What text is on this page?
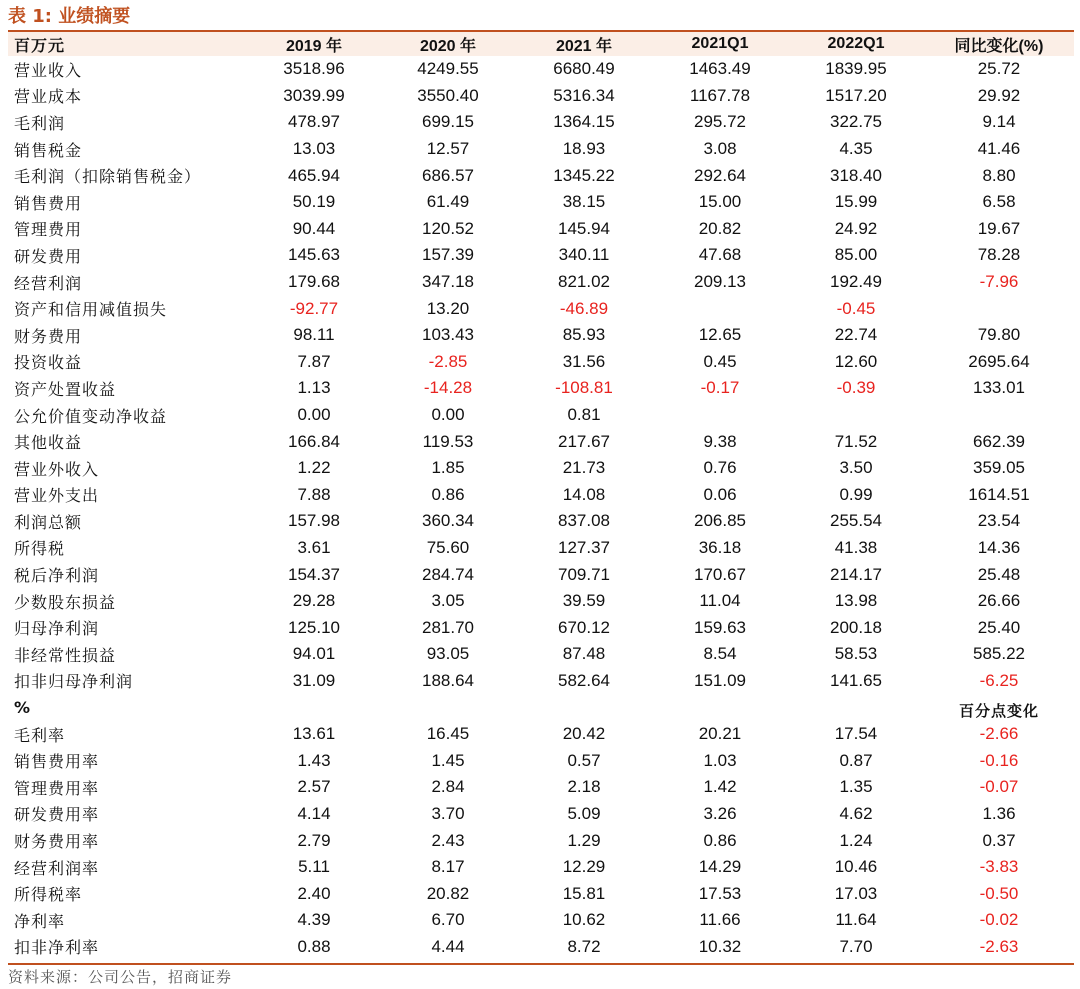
表 1: 业绩摘要
百万元	2019 年	2020 年	2021 年	2021Q1	2022Q1	同比变化(%)
营业收入	3518.96	4249.55	6680.49	1463.49	1839.95	25.72
营业成本	3039.99	3550.40	5316.34	1167.78	1517.20	29.92
毛利润	478.97	699.15	1364.15	295.72	322.75	9.14
销售税金	13.03	12.57	18.93	3.08	4.35	41.46
毛利润（扣除销售税金）	465.94	686.57	1345.22	292.64	318.40	8.80
销售费用	50.19	61.49	38.15	15.00	15.99	6.58
管理费用	90.44	120.52	145.94	20.82	24.92	19.67
研发费用	145.63	157.39	340.11	47.68	85.00	78.28
经营利润	179.68	347.18	821.02	209.13	192.49	-7.96
资产和信用减值损失	-92.77	13.20	-46.89		-0.45	
财务费用	98.11	103.43	85.93	12.65	22.74	79.80
投资收益	7.87	-2.85	31.56	0.45	12.60	2695.64
资产处置收益	1.13	-14.28	-108.81	-0.17	-0.39	133.01
公允价值变动净收益	0.00	0.00	0.81			
其他收益	166.84	119.53	217.67	9.38	71.52	662.39
营业外收入	1.22	1.85	21.73	0.76	3.50	359.05
营业外支出	7.88	0.86	14.08	0.06	0.99	1614.51
利润总额	157.98	360.34	837.08	206.85	255.54	23.54
所得税	3.61	75.60	127.37	36.18	41.38	14.36
税后净利润	154.37	284.74	709.71	170.67	214.17	25.48
少数股东损益	29.28	3.05	39.59	11.04	13.98	26.66
归母净利润	125.10	281.70	670.12	159.63	200.18	25.40
非经常性损益	94.01	93.05	87.48	8.54	58.53	585.22
扣非归母净利润	31.09	188.64	582.64	151.09	141.65	-6.25
%						百分点变化
毛利率	13.61	16.45	20.42	20.21	17.54	-2.66
销售费用率	1.43	1.45	0.57	1.03	0.87	-0.16
管理费用率	2.57	2.84	2.18	1.42	1.35	-0.07
研发费用率	4.14	3.70	5.09	3.26	4.62	1.36
财务费用率	2.79	2.43	1.29	0.86	1.24	0.37
经营利润率	5.11	8.17	12.29	14.29	10.46	-3.83
所得税率	2.40	20.82	15.81	17.53	17.03	-0.50
净利率	4.39	6.70	10.62	11.66	11.64	-0.02
扣非净利率	0.88	4.44	8.72	10.32	7.70	-2.63
资料来源：公司公告，招商证券
